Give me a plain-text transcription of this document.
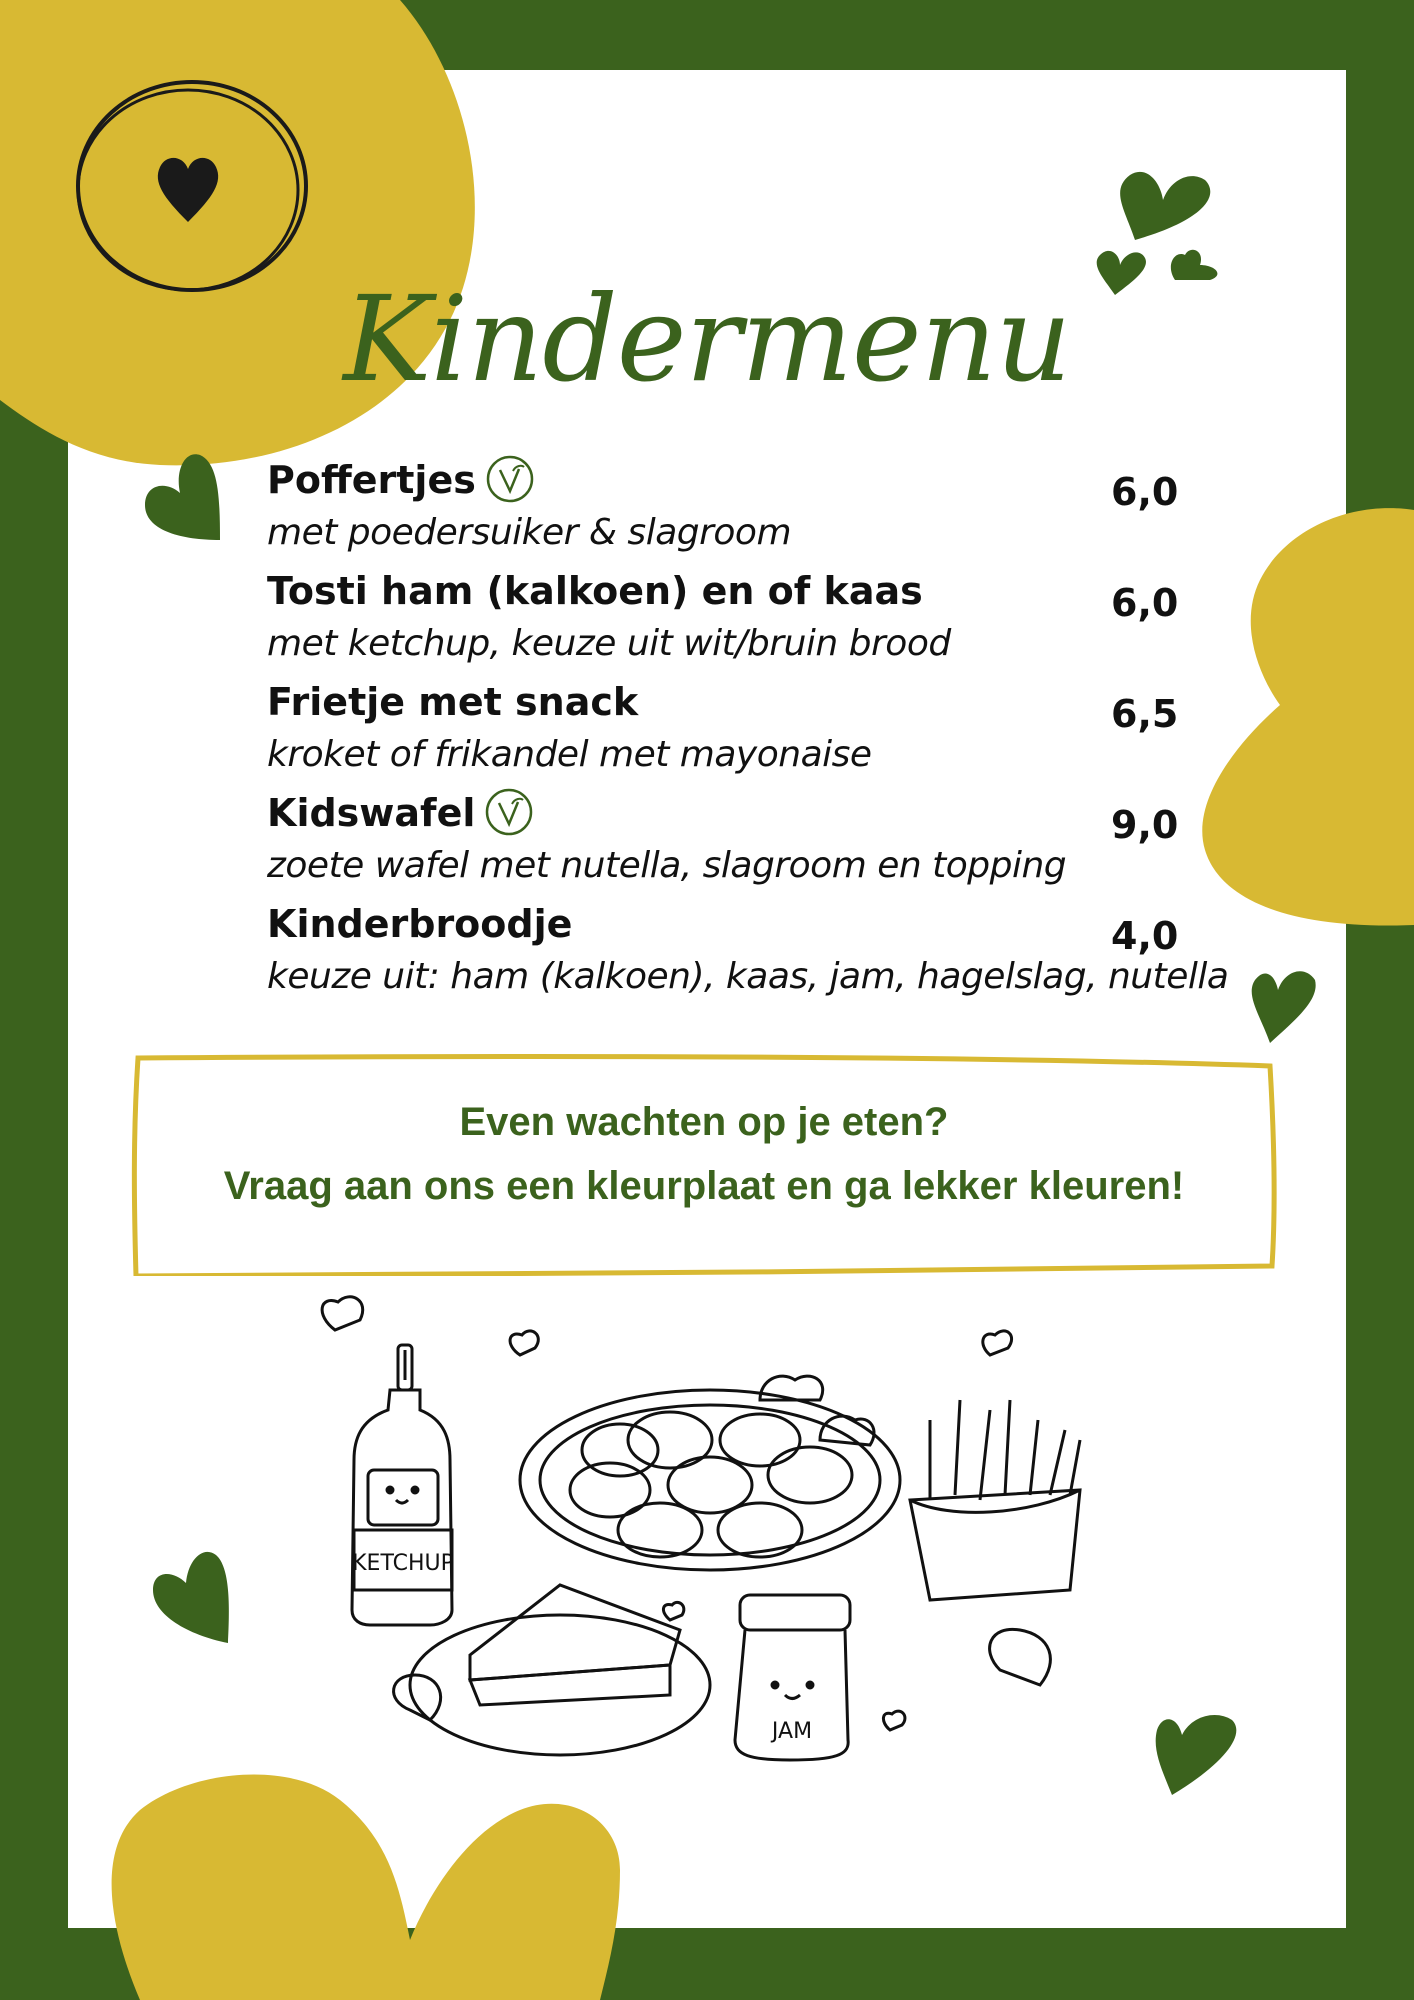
Kindermenu
Poffertjes
met poedersuiker & slagroom
6,0
Tosti ham (kalkoen) en of kaas
met ketchup, keuze uit wit/bruin brood
6,0
Frietje met snack
kroket of frikandel met mayonaise
6,5
Kidswafel
zoete wafel met nutella, slagroom en topping
9,0
Kinderbroodje
keuze uit: ham (kalkoen), kaas, jam, hagelslag, nutella
4,0
Even wachten op je eten?
Vraag aan ons een kleurplaat en ga lekker kleuren!
KETCHUP
JAM
